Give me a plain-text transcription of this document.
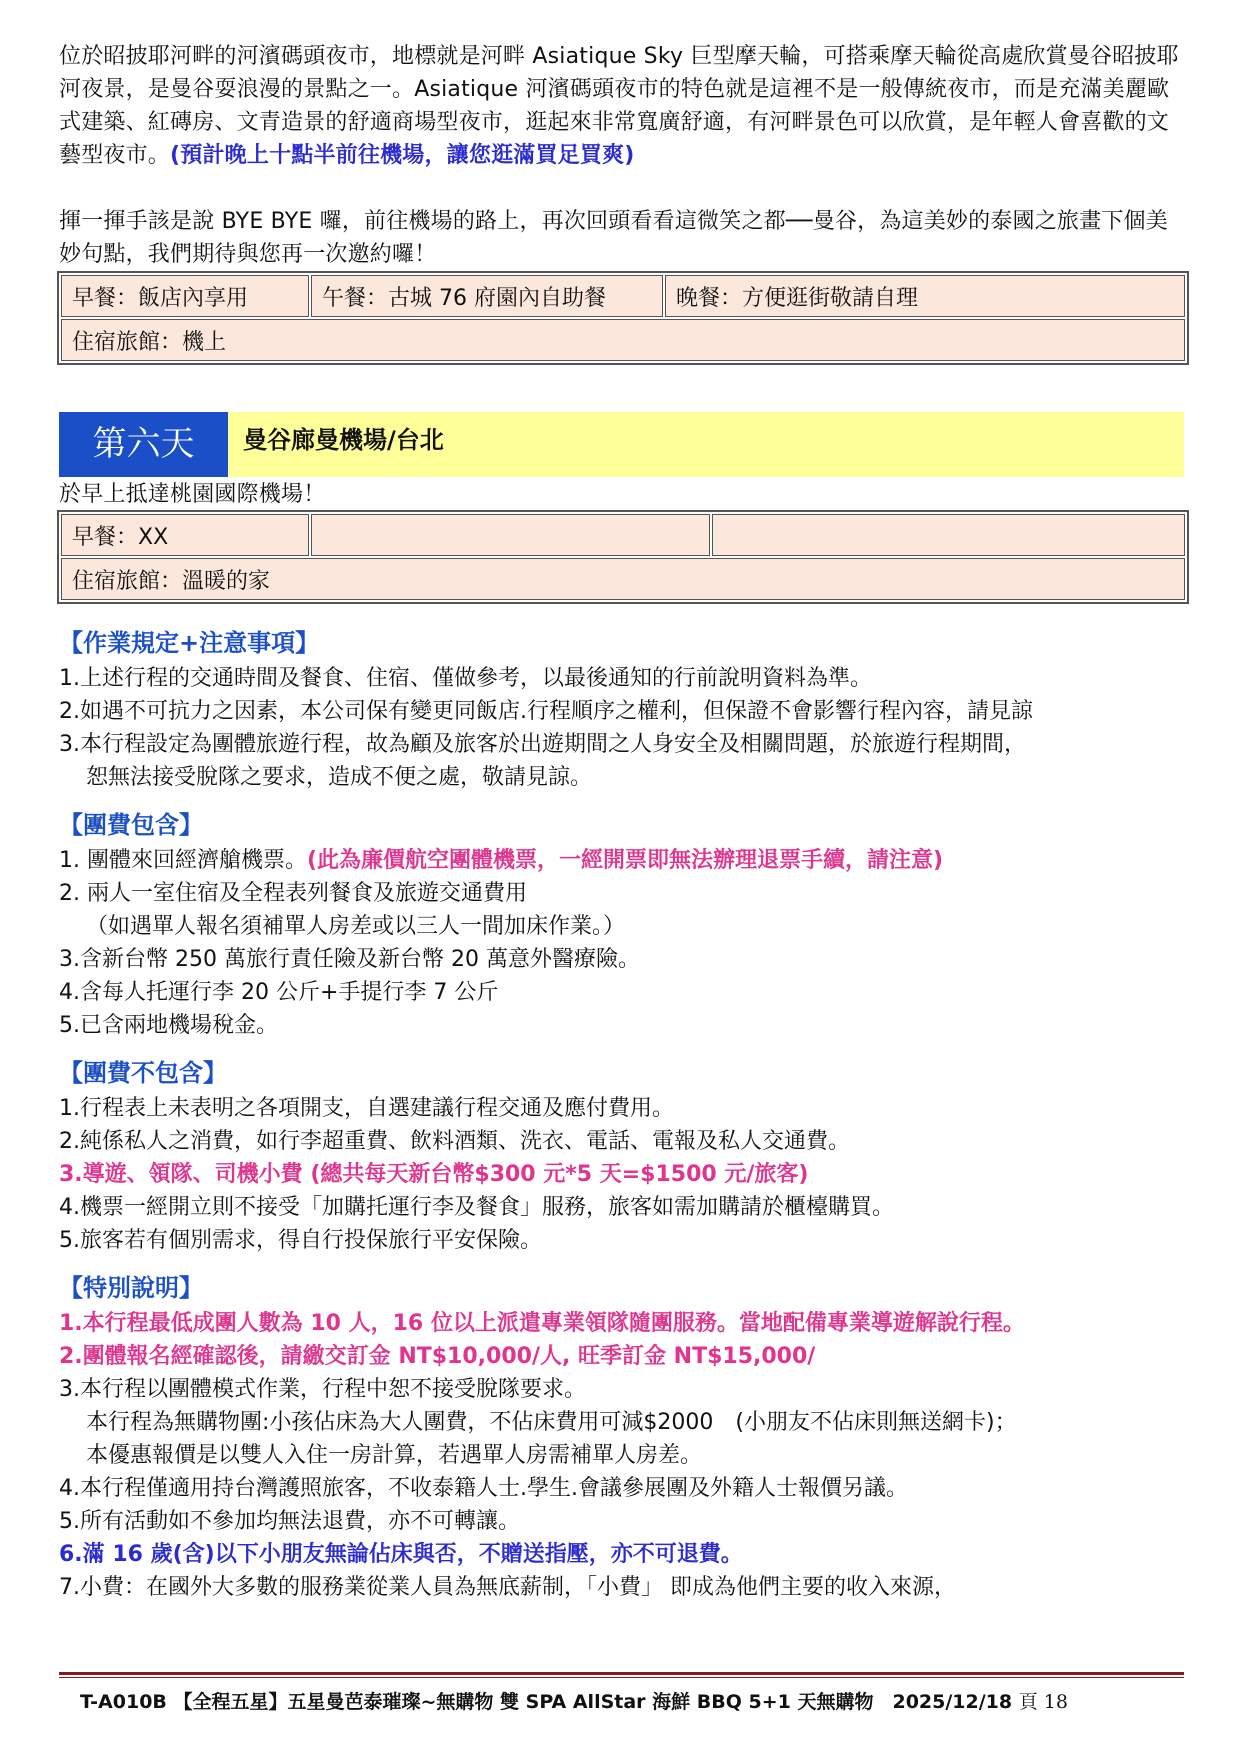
位於昭披耶河畔的河濱碼頭夜市，地標就是河畔 Asiatique Sky 巨型摩天輪，可搭乘摩天輪從高處欣賞曼谷昭披耶河夜景，是曼谷耍浪漫的景點之一。Asiatique 河濱碼頭夜市的特色就是這裡不是一般傳統夜市，而是充滿美麗歐式建築、紅磚房、文青造景的舒適商場型夜市，逛起來非常寬廣舒適，有河畔景色可以欣賞，是年輕人會喜歡的文藝型夜市。(預計晚上十點半前往機場，讓您逛滿買足買爽)

揮一揮手該是說 BYE BYE 囉，前往機場的路上，再次回頭看看這微笑之都──曼谷，為這美妙的泰國之旅畫下個美妙句點，我們期待與您再一次邀約囉！

早餐：飯店內享用	午餐：古城 76 府園內自助餐	晚餐：方便逛街敬請自理
住宿旅館：機上
第六天	曼谷廊曼機場/台北

於早上抵達桃園國際機場！

早餐：XX		
住宿旅館：溫暖的家

【作業規定+注意事項】

1.上述行程的交通時間及餐食、住宿、僅做參考，以最後通知的行前說明資料為準。

2.如遇不可抗力之因素，本公司保有變更同飯店.行程順序之權利，但保證不會影響行程內容，請見諒

3.本行程設定為團體旅遊行程，故為顧及旅客於出遊期間之人身安全及相關問題，於旅遊行程期間，

恕無法接受脫隊之要求，造成不便之處，敬請見諒。

【團費包含】

1. 團體來回經濟艙機票。(此為廉價航空團體機票，一經開票即無法辦理退票手續，請注意)

2. 兩人一室住宿及全程表列餐食及旅遊交通費用

（如遇單人報名須補單人房差或以三人一間加床作業。）

3.含新台幣 250 萬旅行責任險及新台幣 20 萬意外醫療險。

4.含每人托運行李 20 公斤+手提行李 7 公斤

5.已含兩地機場稅金。

【團費不包含】

1.行程表上未表明之各項開支，自選建議行程交通及應付費用。

2.純係私人之消費，如行李超重費、飲料酒類、洗衣、電話、電報及私人交通費。

3.導遊、領隊、司機小費 (總共每天新台幣$300 元*5 天=$1500 元/旅客)

4.機票一經開立則不接受「加購托運行李及餐食」服務，旅客如需加購請於櫃檯購買。

5.旅客若有個別需求，得自行投保旅行平安保險。

【特別說明】

1.本行程最低成團人數為 10 人，16 位以上派遣專業領隊隨團服務。當地配備專業導遊解說行程。

2.團體報名經確認後，請繳交訂金 NT$10,000/人, 旺季訂金 NT$15,000/

3.本行程以團體模式作業，行程中恕不接受脫隊要求。

本行程為無購物團:小孩佔床為大人團費，不佔床費用可減$2000　(小朋友不佔床則無送網卡)；

本優惠報價是以雙人入住一房計算，若遇單人房需補單人房差。

4.本行程僅適用持台灣護照旅客，不收泰籍人士.學生.會議參展團及外籍人士報價另議。

5.所有活動如不參加均無法退費，亦不可轉讓。

6.滿 16 歲(含)以下小朋友無論佔床與否，不贈送指壓，亦不可退費。

7.小費：在國外大多數的服務業從業人員為無底薪制，「小費」 即成為他們主要的收入來源，

T-A010B 【全程五星】五星曼芭泰璀璨~無購物 雙 SPA AllStar 海鮮 BBQ 5+1 天無購物　2025/12/18 頁 18
